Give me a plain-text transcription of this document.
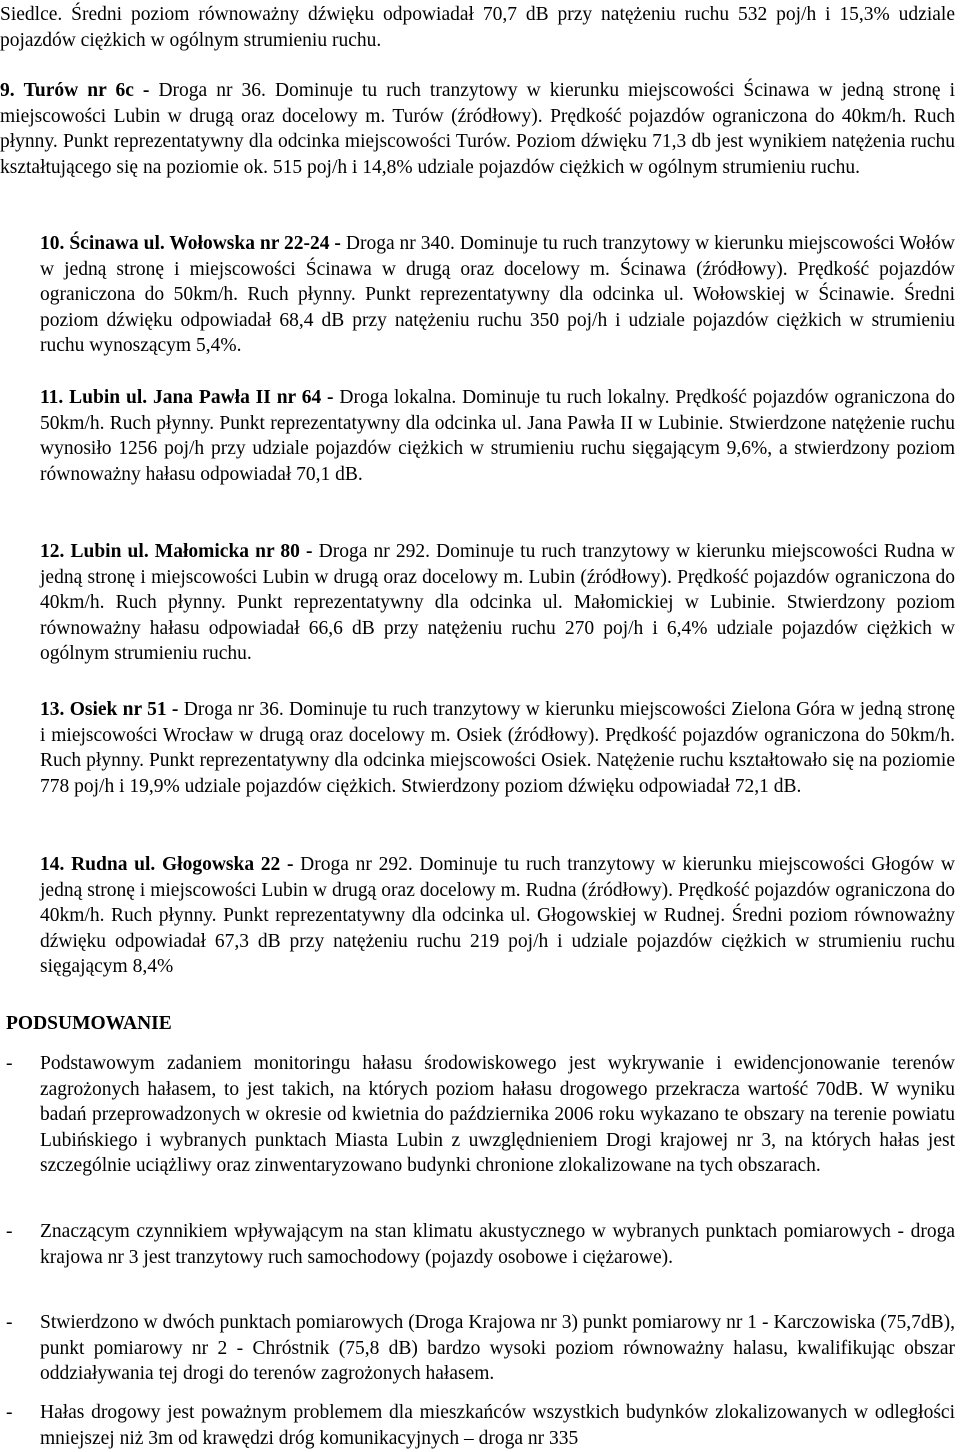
Siedlce. Średni poziom równoważny dźwięku odpowiadał 70,7 dB przy natężeniu ruchu 532 poj/h i 15,3% udziale pojazdów ciężkich w ogólnym strumieniu ruchu.

9. Turów nr 6c - Droga nr 36. Dominuje tu ruch tranzytowy w kierunku miejscowości Ścinawa w jedną stronę i miejscowości Lubin w drugą oraz docelowy m. Turów (źródłowy). Prędkość pojazdów ograniczona do 40km/h. Ruch płynny. Punkt reprezentatywny dla odcinka miejscowości Turów. Poziom dźwięku 71,3 db jest wynikiem natężenia ruchu kształtującego się na poziomie ok. 515 poj/h i 14,8% udziale pojazdów ciężkich w ogólnym strumieniu ruchu.

10. Ścinawa ul. Wołowska nr 22-24 - Droga nr 340. Dominuje tu ruch tranzytowy w kierunku miejscowości Wołów w jedną stronę i miejscowości Ścinawa w drugą oraz docelowy m. Ścinawa (źródłowy). Prędkość pojazdów ograniczona do 50km/h. Ruch płynny. Punkt reprezentatywny dla odcinka ul. Wołowskiej w Ścinawie. Średni poziom dźwięku odpowiadał 68,4 dB przy natężeniu ruchu 350 poj/h i udziale pojazdów ciężkich w strumieniu ruchu wynoszącym 5,4%.

11. Lubin ul. Jana Pawła II nr 64 - Droga lokalna. Dominuje tu ruch lokalny. Prędkość pojazdów ograniczona do 50km/h. Ruch płynny. Punkt reprezentatywny dla odcinka ul. Jana Pawła II w Lubinie. Stwierdzone natężenie ruchu wynosiło 1256 poj/h przy udziale pojazdów ciężkich w strumieniu ruchu sięgającym 9,6%, a stwierdzony poziom równoważny hałasu odpowiadał 70,1 dB.

12. Lubin ul. Małomicka nr 80 - Droga nr 292. Dominuje tu ruch tranzytowy w kierunku miejscowości Rudna w jedną stronę i miejscowości Lubin w drugą oraz docelowy m. Lubin (źródłowy). Prędkość pojazdów ograniczona do 40km/h. Ruch płynny. Punkt reprezentatywny dla odcinka ul. Małomickiej w Lubinie. Stwierdzony poziom równoważny hałasu odpowiadał 66,6 dB przy natężeniu ruchu 270 poj/h i 6,4% udziale pojazdów ciężkich w ogólnym strumieniu ruchu.

13. Osiek nr 51 - Droga nr 36. Dominuje tu ruch tranzytowy w kierunku miejscowości Zielona Góra w jedną stronę i miejscowości Wrocław w drugą oraz docelowy m. Osiek (źródłowy). Prędkość pojazdów ograniczona do 50km/h. Ruch płynny. Punkt reprezentatywny dla odcinka miejscowości Osiek. Natężenie ruchu kształtowało się na poziomie 778 poj/h i 19,9% udziale pojazdów ciężkich. Stwierdzony poziom dźwięku odpowiadał 72,1 dB.

14. Rudna ul. Głogowska 22 - Droga nr 292. Dominuje tu ruch tranzytowy w kierunku miejscowości Głogów w jedną stronę i miejscowości Lubin w drugą oraz docelowy m. Rudna (źródłowy). Prędkość pojazdów ograniczona do 40km/h. Ruch płynny. Punkt reprezentatywny dla odcinka ul. Głogowskiej w Rudnej. Średni poziom równoważny dźwięku odpowiadał 67,3 dB przy natężeniu ruchu 219 poj/h i udziale pojazdów ciężkich w strumieniu ruchu sięgającym 8,4%

PODSUMOWANIE

- Podstawowym zadaniem monitoringu hałasu środowiskowego jest wykrywanie i ewidencjonowanie terenów zagrożonych hałasem, to jest takich, na których poziom hałasu drogowego przekracza wartość 70dB. W wyniku badań przeprowadzonych w okresie od kwietnia do października 2006 roku wykazano te obszary na terenie powiatu Lubińskiego i wybranych punktach Miasta Lubin z uwzględnieniem Drogi krajowej nr 3, na których hałas jest szczególnie uciążliwy oraz zinwentaryzowano budynki chronione zlokalizowane na tych obszarach.

- Znaczącym czynnikiem wpływającym na stan klimatu akustycznego w wybranych punktach pomiarowych - droga krajowa nr 3 jest tranzytowy ruch samochodowy (pojazdy osobowe i ciężarowe).

- Stwierdzono w dwóch punktach pomiarowych (Droga Krajowa nr 3) punkt pomiarowy nr 1 - Karczowiska (75,7dB), punkt pomiarowy nr 2 - Chróstnik (75,8 dB) bardzo wysoki poziom równoważny halasu, kwalifikując obszar oddziaływania tej drogi do terenów zagrożonych hałasem.

- Hałas drogowy jest poważnym problemem dla mieszkańców wszystkich budynków zlokalizowanych w odległości mniejszej niż 3m od krawędzi dróg komunikacyjnych – droga nr 335
